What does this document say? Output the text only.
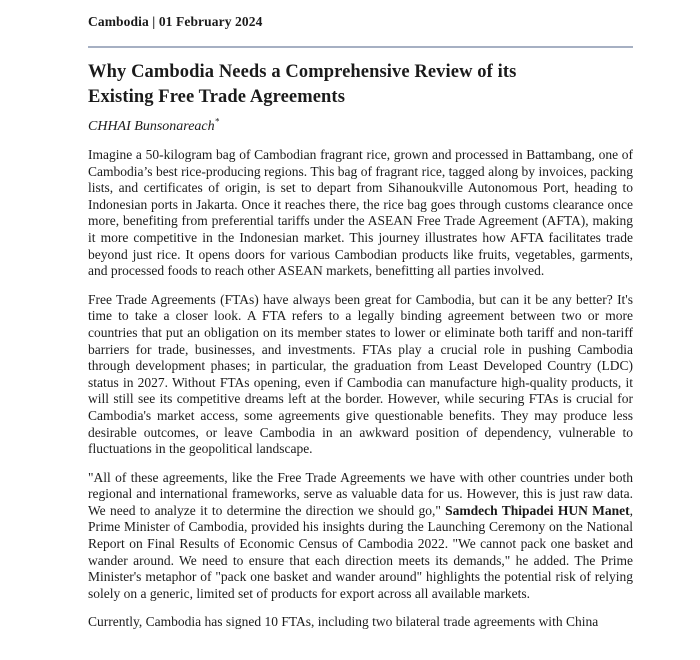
Cambodia | 01 February 2024
Why Cambodia Needs a Comprehensive Review of its
Existing Free Trade Agreements
CHHAI Bunsonareach*

Imagine a 50-kilogram bag of Cambodian fragrant rice, grown and processed in Battambang, one of Cambodia’s best rice-producing regions. This bag of fragrant rice, tagged along by invoices, packing lists, and certificates of origin, is set to depart from Sihanoukville Autonomous Port, heading to Indonesian ports in Jakarta. Once it reaches there, the rice bag goes through customs clearance once more, benefiting from preferential tariffs under the ASEAN Free Trade Agreement (AFTA), making it more competitive in the Indonesian market. This journey illustrates how AFTA facilitates trade beyond just rice. It opens doors for various Cambodian products like fruits, vegetables, garments, and processed foods to reach other ASEAN markets, benefitting all parties involved.

Free Trade Agreements (FTAs) have always been great for Cambodia, but can it be any better? It's time to take a closer look. A FTA refers to a legally binding agreement between two or more countries that put an obligation on its member states to lower or eliminate both tariff and non-tariff barriers for trade, businesses, and investments. FTAs play a crucial role in pushing Cambodia through development phases; in particular, the graduation from Least Developed Country (LDC) status in 2027. Without FTAs opening, even if Cambodia can manufacture high-quality products, it will still see its competitive dreams left at the border. However, while securing FTAs is crucial for Cambodia's market access, some agreements give questionable benefits. They may produce less desirable outcomes, or leave Cambodia in an awkward position of dependency, vulnerable to fluctuations in the geopolitical landscape.

"All of these agreements, like the Free Trade Agreements we have with other countries under both regional and international frameworks, serve as valuable data for us. However, this is just raw data. We need to analyze it to determine the direction we should go," Samdech Thipadei HUN Manet, Prime Minister of Cambodia, provided his insights during the Launching Ceremony on the National Report on Final Results of Economic Census of Cambodia 2022. "We cannot pack one basket and wander around. We need to ensure that each direction meets its demands," he added. The Prime Minister's metaphor of "pack one basket and wander around" highlights the potential risk of relying solely on a generic, limited set of products for export across all available markets.

Currently, Cambodia has signed 10 FTAs, including two bilateral trade agreements with China
